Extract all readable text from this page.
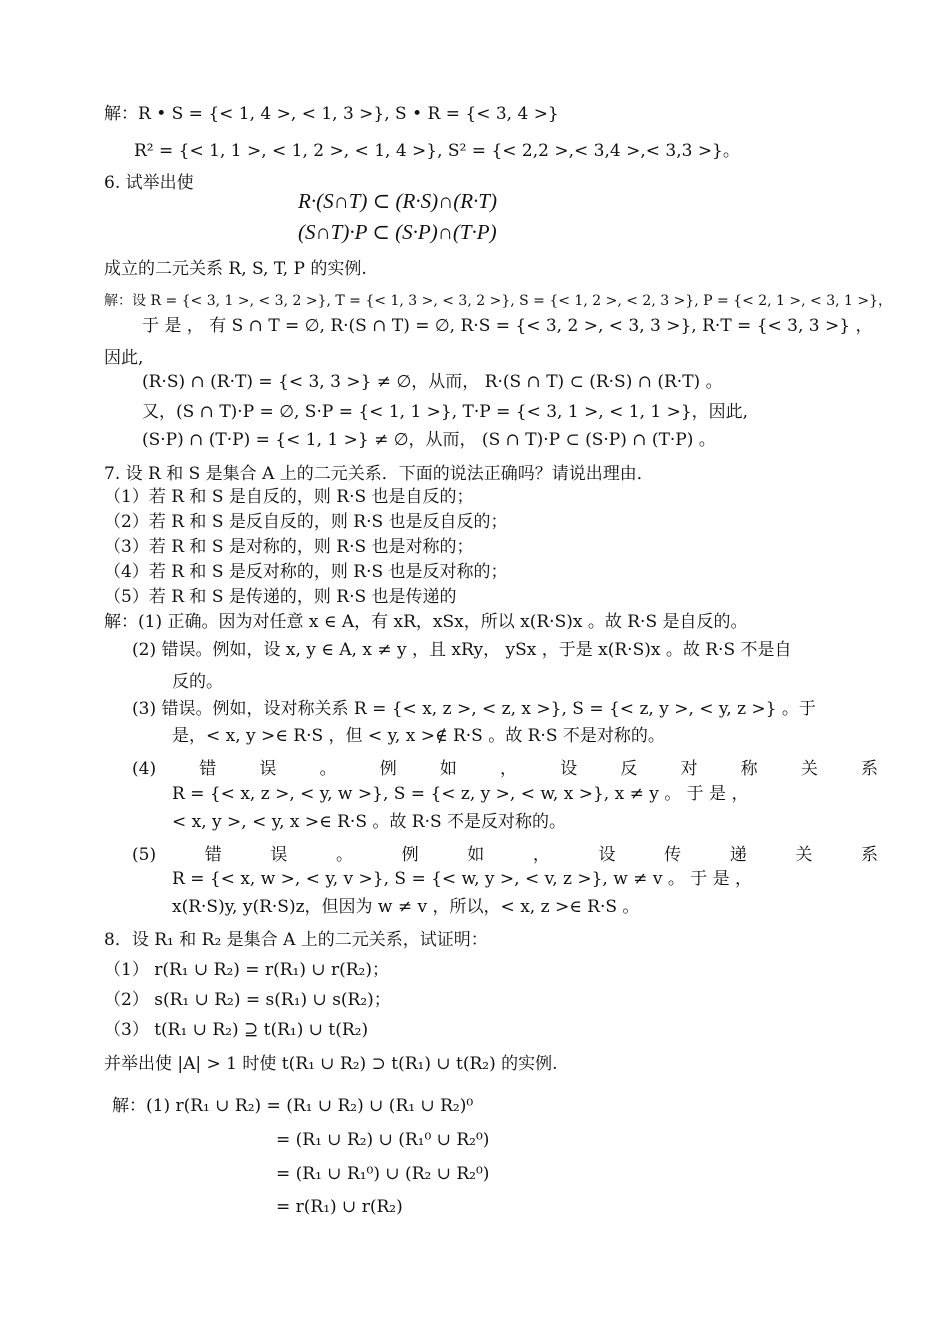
解：R • S = {< 1, 4 >, < 1, 3 >}, S • R = {< 3, 4 >}
R² = {< 1, 1 >, < 1, 2 >, < 1, 4 >}, S² = {< 2,2 >,< 3,4 >,< 3,3 >}。
6. 试举出使
R·(S∩T) ⊂ (R·S)∩(R·T)
(S∩T)·P ⊂ (S·P)∩(T·P)
成立的二元关系 R, S, T, P 的实例.
解：设 R = {< 3, 1 >, < 3, 2 >}, T = {< 1, 3 >, < 3, 2 >}, S = {< 1, 2 >, < 2, 3 >}, P = {< 2, 1 >, < 3, 1 >}，
于 是 ， 有 S ∩ T = ∅, R·(S ∩ T) = ∅, R·S = {< 3, 2 >, < 3, 3 >}, R·T = {< 3, 3 >} ，
因此,
(R·S) ∩ (R·T) = {< 3, 3 >} ≠ ∅，从而， R·(S ∩ T) ⊂ (R·S) ∩ (R·T) 。
又，(S ∩ T)·P = ∅, S·P = {< 1, 1 >}, T·P = {< 3, 1 >, < 1, 1 >}，因此,
(S·P) ∩ (T·P) = {< 1, 1 >} ≠ ∅，从而， (S ∩ T)·P ⊂ (S·P) ∩ (T·P) 。
7. 设 R 和 S 是集合 A 上的二元关系．下面的说法正确吗？请说出理由．
（1）若 R 和 S 是自反的，则 R·S 也是自反的；
（2）若 R 和 S 是反自反的，则 R·S 也是反自反的；
（3）若 R 和 S 是对称的，则 R·S 也是对称的；
（4）若 R 和 S 是反对称的，则 R·S 也是反对称的；
（5）若 R 和 S 是传递的，则 R·S 也是传递的
解：(1) 正确。因为对任意 x ∈ A，有 xR，xSx，所以 x(R·S)x 。故 R·S 是自反的。
(2) 错误。例如，设 x, y ∈ A, x ≠ y ，且 xRy， ySx ，于是 x(R·S)x 。故 R·S 不是自
反的。
(3) 错误。例如，设对称关系 R = {< x, z >, < z, x >}, S = {< z, y >, < y, z >} 。于
是，< x, y >∈ R·S ，但 < y, x >∉ R·S 。故 R·S 不是对称的。
(4)	错	误	。	例	如	，	设	反	对	称	关	系
R = {< x, z >, < y, w >}, S = {< z, y >, < w, x >}, x ≠ y 。 于 是 ，
< x, y >, < y, x >∈ R·S 。故 R·S 不是反对称的。
(5)	错	误	。	例	如	，	设	传	递	关	系
R = {< x, w >, < y, v >}, S = {< w, y >, < v, z >}, w ≠ v 。 于 是 ，
x(R·S)y, y(R·S)z，但因为 w ≠ v ，所以，< x, z >∈ R·S 。
8．设 R₁ 和 R₂ 是集合 A 上的二元关系，试证明：
（1） r(R₁ ∪ R₂) = r(R₁) ∪ r(R₂)；
（2） s(R₁ ∪ R₂) = s(R₁) ∪ s(R₂)；
（3） t(R₁ ∪ R₂) ⊇ t(R₁) ∪ t(R₂)
并举出使 |A| > 1 时使 t(R₁ ∪ R₂) ⊃ t(R₁) ∪ t(R₂) 的实例.
解：(1) r(R₁ ∪ R₂) = (R₁ ∪ R₂) ∪ (R₁ ∪ R₂)⁰
= (R₁ ∪ R₂) ∪ (R₁⁰ ∪ R₂⁰)
= (R₁ ∪ R₁⁰) ∪ (R₂ ∪ R₂⁰)
= r(R₁) ∪ r(R₂)
